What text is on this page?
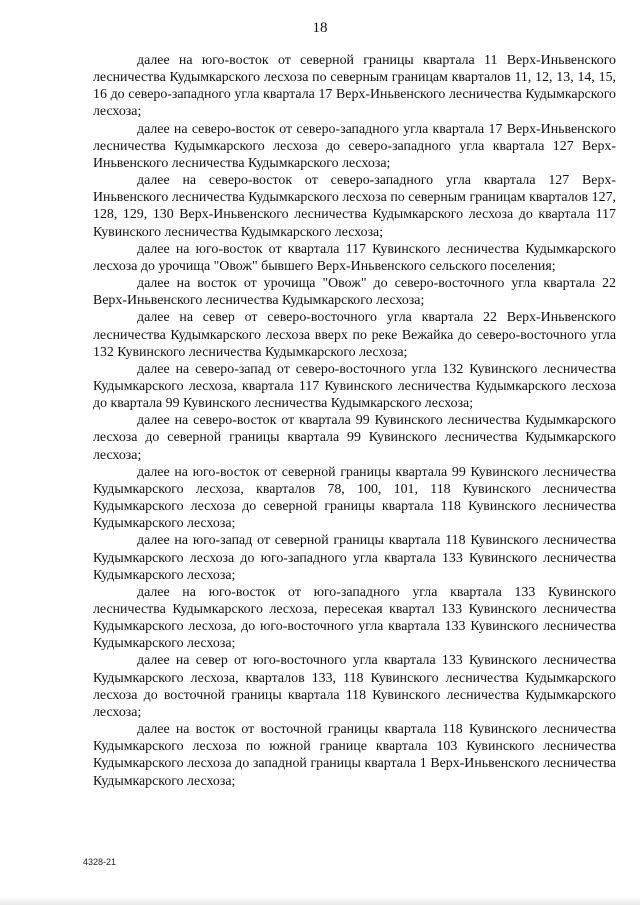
18

далее на юго-восток от северной границы квартала 11 Верх-Иньвенского лесничества Кудымкарского лесхоза по северным границам кварталов 11, 12, 13, 14, 15, 16 до северо-западного угла квартала 17 Верх-Иньвенского лесничества Кудымкарского лесхоза;

далее на северо-восток от северо-западного угла квартала 17 Верх-Иньвенского лесничества Кудымкарского лесхоза до северо-западного угла квартала 127 Верх-Иньвенского лесничества Кудымкарского лесхоза;

далее на северо-восток от северо-западного угла квартала 127 Верх-Иньвенского лесничества Кудымкарского лесхоза по северным границам кварталов 127, 128, 129, 130 Верх-Иньвенского лесничества Кудымкарского лесхоза до квартала 117 Кувинского лесничества Кудымкарского лесхоза;

далее на юго-восток от квартала 117 Кувинского лесничества Кудымкарского лесхоза до урочища "Овож" бывшего Верх-Иньвенского сельского поселения;

далее на восток от урочища "Овож" до северо-восточного угла квартала 22 Верх-Иньвенского лесничества Кудымкарского лесхоза;

далее на север от северо-восточного угла квартала 22 Верх-Иньвенского лесничества Кудымкарского лесхоза вверх по реке Вежайка до северо-восточного угла 132 Кувинского лесничества Кудымкарского лесхоза;

далее на северо-запад от северо-восточного угла 132 Кувинского лесничества Кудымкарского лесхоза, квартала 117 Кувинского лесничества Кудымкарского лесхоза до квартала 99 Кувинского лесничества Кудымкарского лесхоза;

далее на северо-восток от квартала 99 Кувинского лесничества Кудымкарского лесхоза до северной границы квартала 99 Кувинского лесничества Кудымкарского лесхоза;

далее на юго-восток от северной границы квартала 99 Кувинского лесничества Кудымкарского лесхоза, кварталов 78, 100, 101, 118 Кувинского лесничества Кудымкарского лесхоза до северной границы квартала 118 Кувинского лесничества Кудымкарского лесхоза;

далее на юго-запад от северной границы квартала 118 Кувинского лесничества Кудымкарского лесхоза до юго-западного угла квартала 133 Кувинского лесничества Кудымкарского лесхоза;

далее на юго-восток от юго-западного угла квартала 133 Кувинского лесничества Кудымкарского лесхоза, пересекая квартал 133 Кувинского лесничества Кудымкарского лесхоза, до юго-восточного угла квартала 133 Кувинского лесничества Кудымкарского лесхоза;

далее на север от юго-восточного угла квартала 133 Кувинского лесничества Кудымкарского лесхоза, кварталов 133, 118 Кувинского лесничества Кудымкарского лесхоза до восточной границы квартала 118 Кувинского лесничества Кудымкарского лесхоза;

далее на восток от восточной границы квартала 118 Кувинского лесничества Кудымкарского лесхоза по южной границе квартала 103 Кувинского лесничества Кудымкарского лесхоза до западной границы квартала 1 Верх-Иньвенского лесничества Кудымкарского лесхоза;

4328-21
